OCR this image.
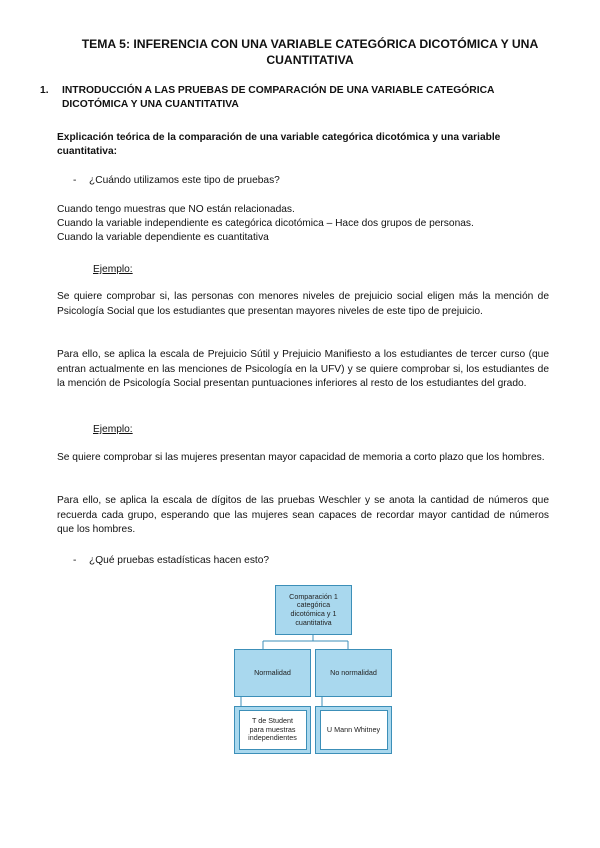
TEMA 5: INFERENCIA CON UNA VARIABLE CATEGÓRICA DICOTÓMICA Y UNA CUANTITATIVA
1. INTRODUCCIÓN A LAS PRUEBAS DE COMPARACIÓN DE UNA VARIABLE CATEGÓRICA DICOTÓMICA Y UNA CUANTITATIVA
Explicación teórica de la comparación de una variable categórica dicotómica y una variable cuantitativa:
- ¿Cuándo utilizamos este tipo de pruebas?
Cuando tengo muestras que NO están relacionadas.
Cuando la variable independiente es categórica dicotómica – Hace dos grupos de personas.
Cuando la variable dependiente es cuantitativa
Ejemplo:
Se quiere comprobar si, las personas con menores niveles de prejuicio social eligen más la mención de Psicología Social que los estudiantes que presentan mayores niveles de este tipo de prejuicio.
Para ello, se aplica la escala de Prejuicio Sútil y Prejuicio Manifiesto a los estudiantes de tercer curso (que entran actualmente en las menciones de Psicología en la UFV) y se quiere comprobar si, los estudiantes de la mención de Psicología Social presentan puntuaciones inferiores al resto de los estudiantes del grado.
Ejemplo:
Se quiere comprobar si las mujeres presentan mayor capacidad de memoria a corto plazo que los hombres.
Para ello, se aplica la escala de dígitos de las pruebas Weschler y se anota la cantidad de números que recuerda cada grupo, esperando que las mujeres sean capaces de recordar mayor cantidad de números que los hombres.
- ¿Qué pruebas estadísticas hacen esto?
Comparación 1
categórica
dicotómica y 1
cuantitativa
Normalidad	No normalidad
T de Student
para muestras
independientes
U Mann Whitney
